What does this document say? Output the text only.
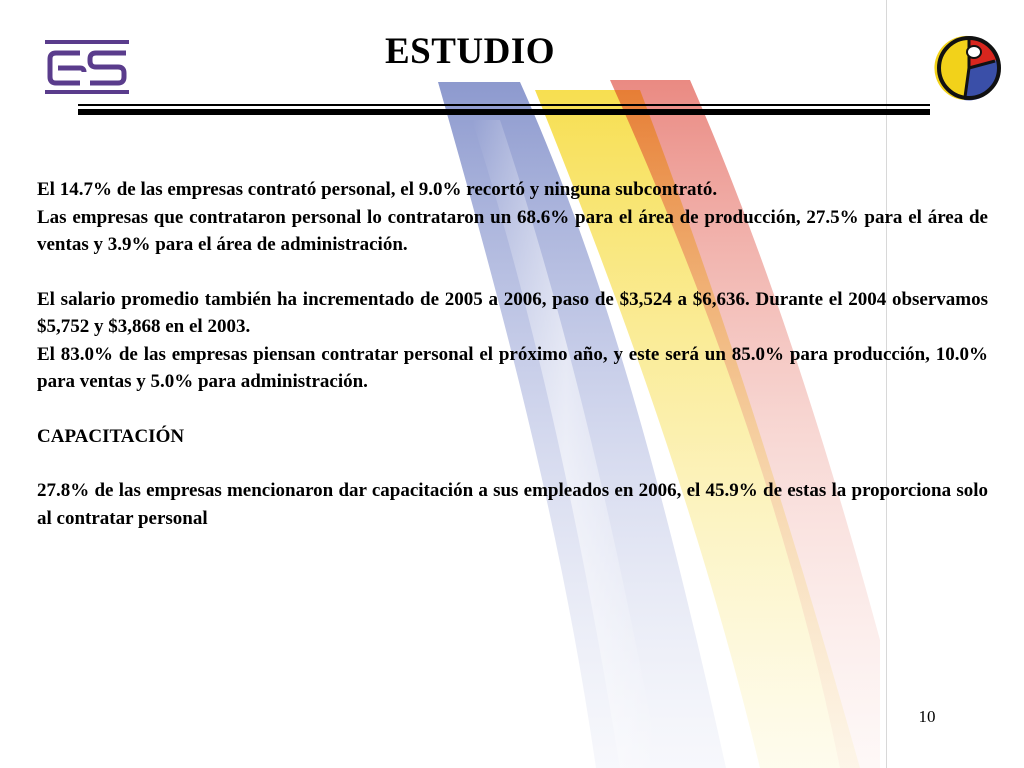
ESTUDIO

El 14.7% de las empresas contrató personal, el 9.0% recortó y ninguna subcontrató.

Las empresas que contrataron personal lo contrataron un 68.6% para el área de producción, 27.5% para el área de ventas y 3.9% para el área de administración.

El salario promedio también ha incrementado de 2005 a 2006, paso de $3,524 a $6,636. Durante el 2004 observamos $5,752 y $3,868 en el 2003.

El 83.0% de las empresas piensan contratar personal el próximo año, y este será un 85.0% para producción, 10.0% para ventas y 5.0% para administración.

CAPACITACIÓN

27.8% de las empresas mencionaron dar capacitación a sus empleados en 2006, el 45.9% de estas la proporciona solo al contratar personal

10
